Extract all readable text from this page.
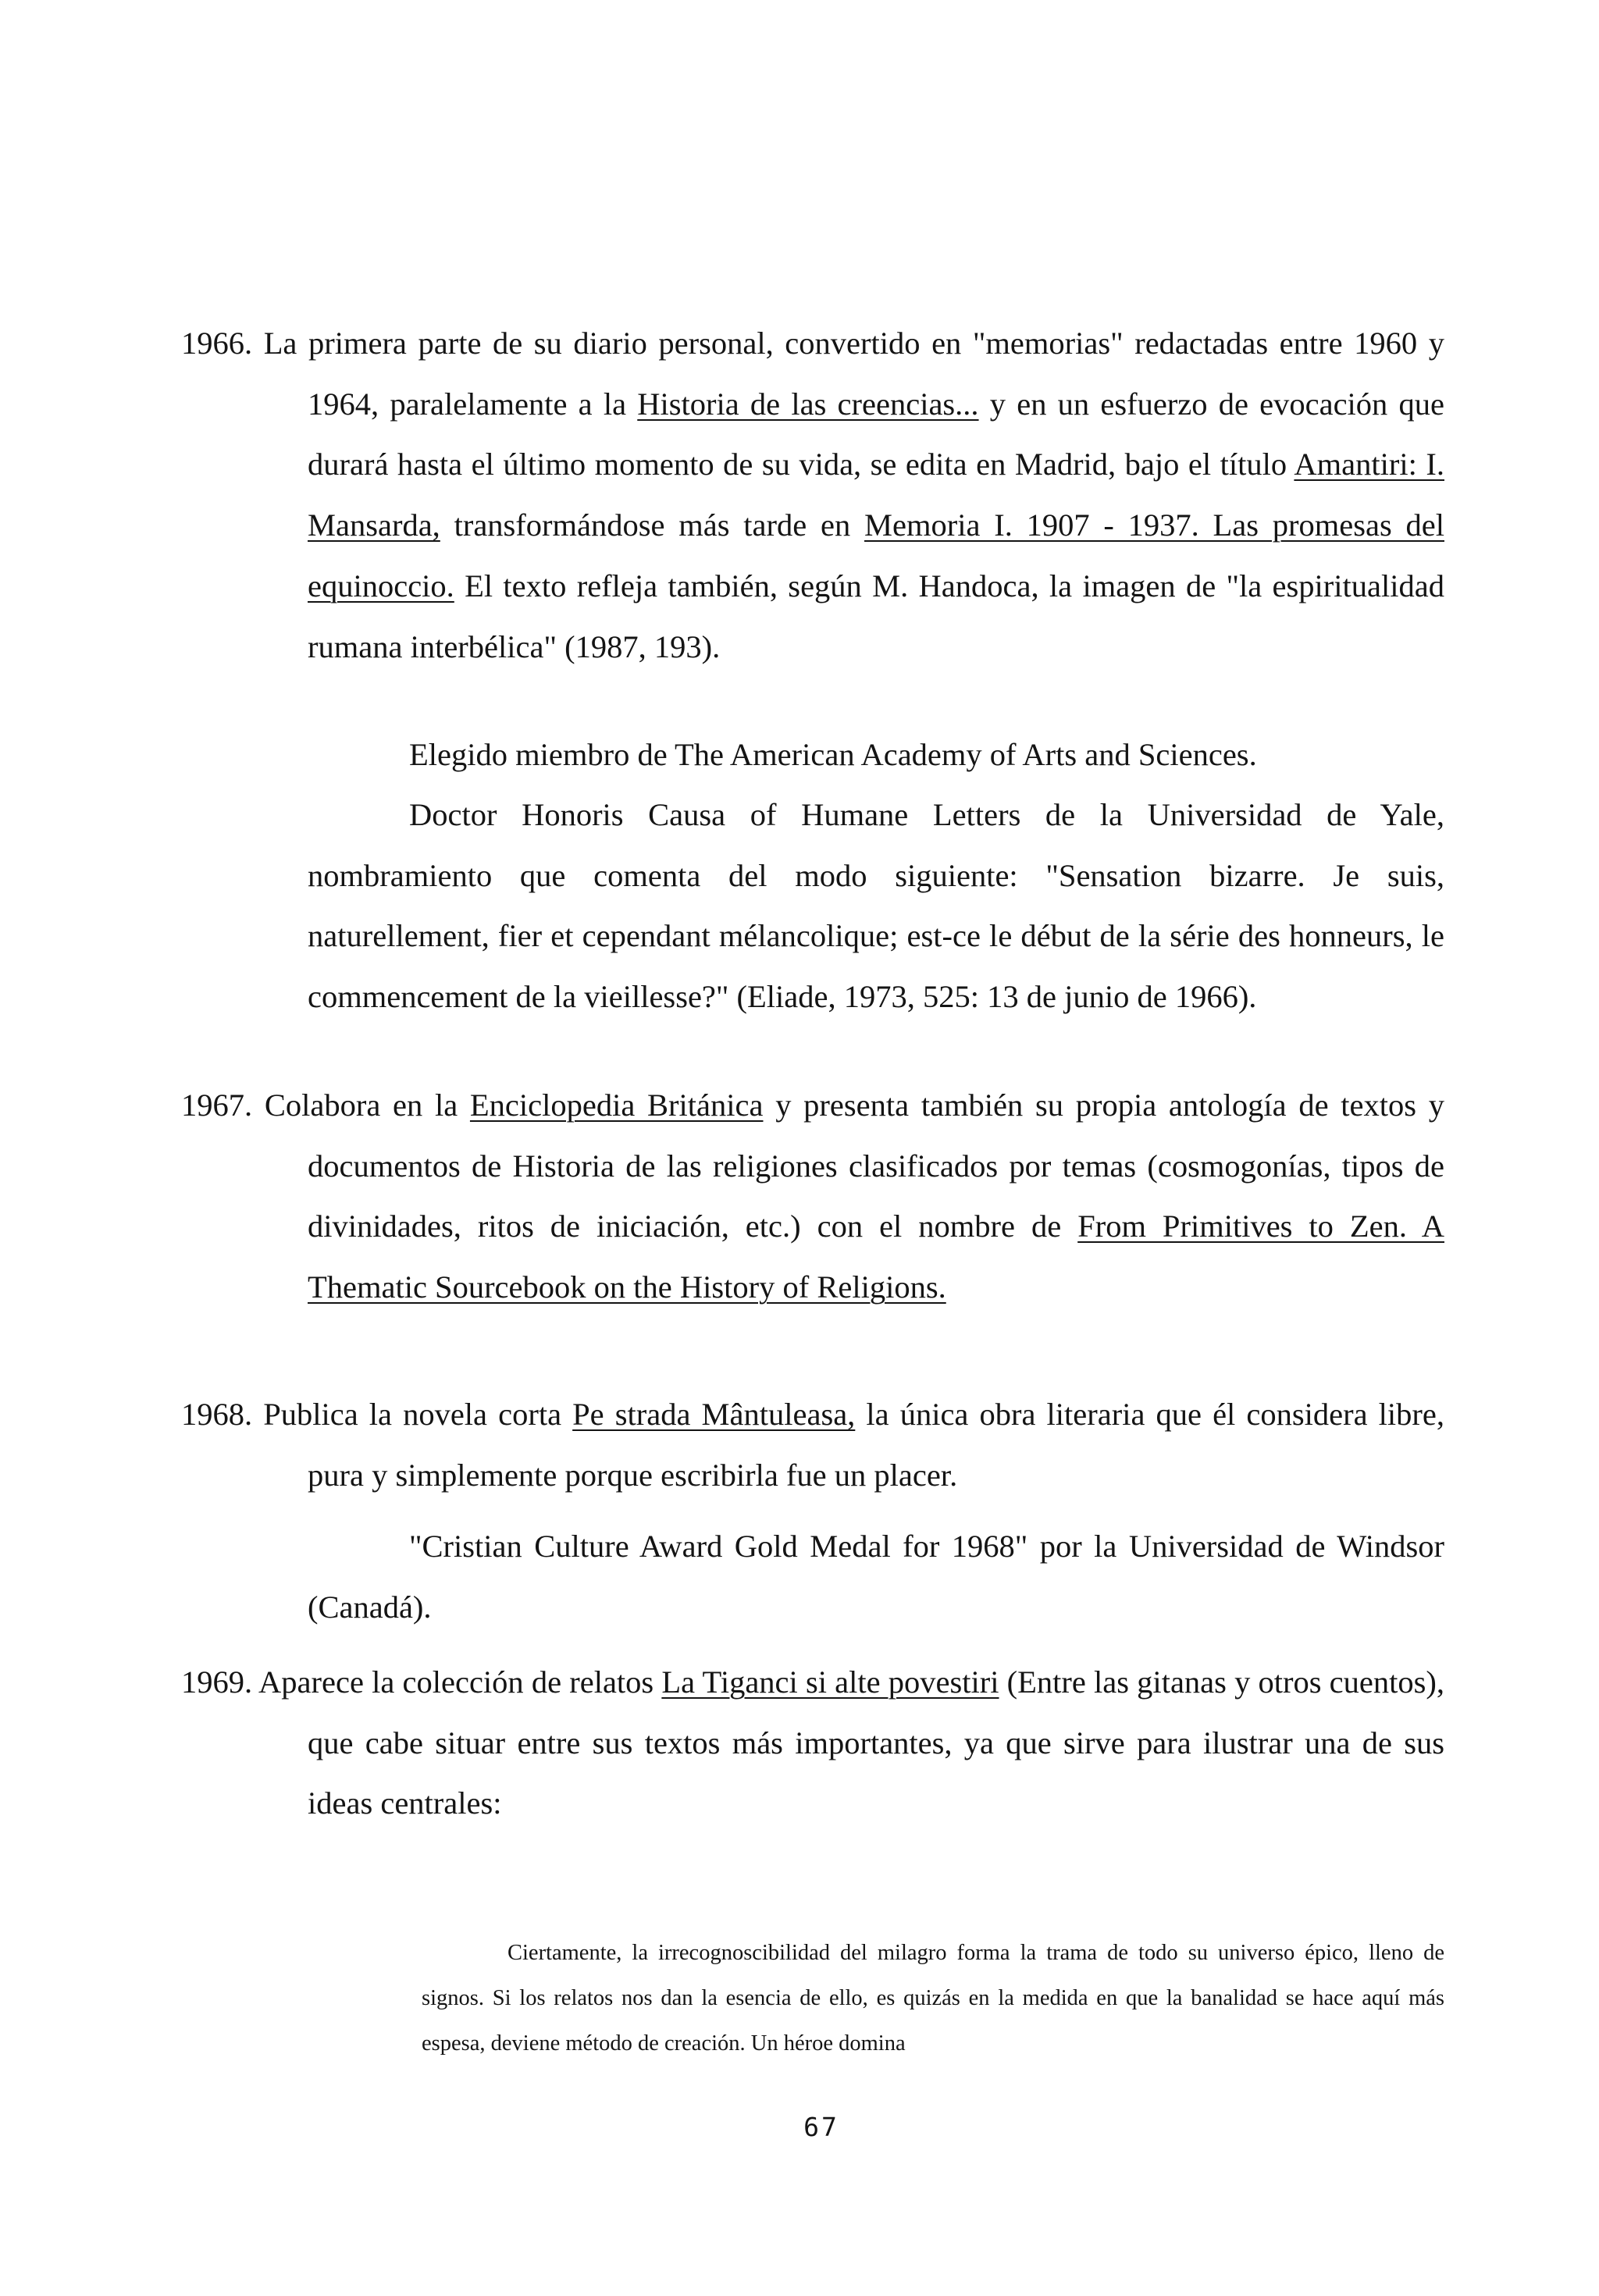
1966. La primera parte de su diario personal, convertido en "memorias" redactadas entre 1960 y 1964, paralelamente a la Historia de las creencias... y en un esfuerzo de evocación que durará hasta el último momento de su vida, se edita en Madrid, bajo el título Amantiri: I. Mansarda, transformándose más tarde en Memoria I. 1907 - 1937. Las promesas del equinoccio. El texto refleja también, según M. Handoca, la imagen de "la espiritualidad rumana interbélica" (1987, 193).

Elegido miembro de The American Academy of Arts and Sciences.

Doctor Honoris Causa of Humane Letters de la Universidad de Yale, nombramiento que comenta del modo siguiente: "Sensation bizarre. Je suis, naturellement, fier et cependant mélancolique; est-ce le début de la série des honneurs, le commencement de la vieillesse?" (Eliade, 1973, 525: 13 de junio de 1966).

1967. Colabora en la Enciclopedia Británica y presenta también su propia antología de textos y documentos de Historia de las religiones clasificados por temas (cosmogonías, tipos de divinidades, ritos de iniciación, etc.) con el nombre de From Primitives to Zen. A Thematic Sourcebook on the History of Religions.

1968. Publica la novela corta Pe strada Mântuleasa, la única obra literaria que él considera libre, pura y simplemente porque escribirla fue un placer.

"Cristian Culture Award Gold Medal for 1968" por la Universidad de Windsor (Canadá).

1969. Aparece la colección de relatos La Tiganci si alte povestiri (Entre las gitanas y otros cuentos), que cabe situar entre sus textos más importantes, ya que sirve para ilustrar una de sus ideas centrales:

Ciertamente, la irrecognoscibilidad del milagro forma la trama de todo su universo épico, lleno de signos. Si los relatos nos dan la esencia de ello, es quizás en la medida en que la banalidad se hace aquí más espesa, deviene método de creación. Un héroe domina

67
